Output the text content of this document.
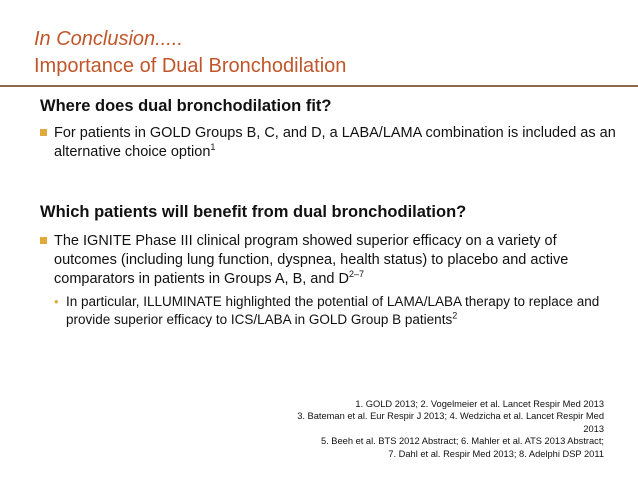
In Conclusion.....
Importance of Dual Bronchodilation
Where does dual bronchodilation fit?
For patients in GOLD Groups B, C, and D, a LABA/LAMA combination is included as an alternative choice option$^1$
Which patients will benefit from dual bronchodilation?
The IGNITE Phase III clinical program showed superior efficacy on a variety of outcomes (including lung function, dyspnea, health status) to placebo and active comparators in patients in Groups A, B, and $D^{2-7}$
• In particular, ILLUMINATE highlighted the potential of LAMA/LABA therapy to replace and provide superior efficacy to ICS/LABA in GOLD Group B patients$^2$
1. GOLD 2013; 2. Vogelmeier et al. Lancet Respir Med 2013
3. Bateman et al. Eur Respir J 2013; 4. Wedzicha et al. Lancet Respir Med
2013
5. Beeh et al. BTS 2012 Abstract; 6. Mahler et al. ATS 2013 Abstract;
7. Dahl et al. Respir Med 2013; 8. Adelphi DSP 2011
